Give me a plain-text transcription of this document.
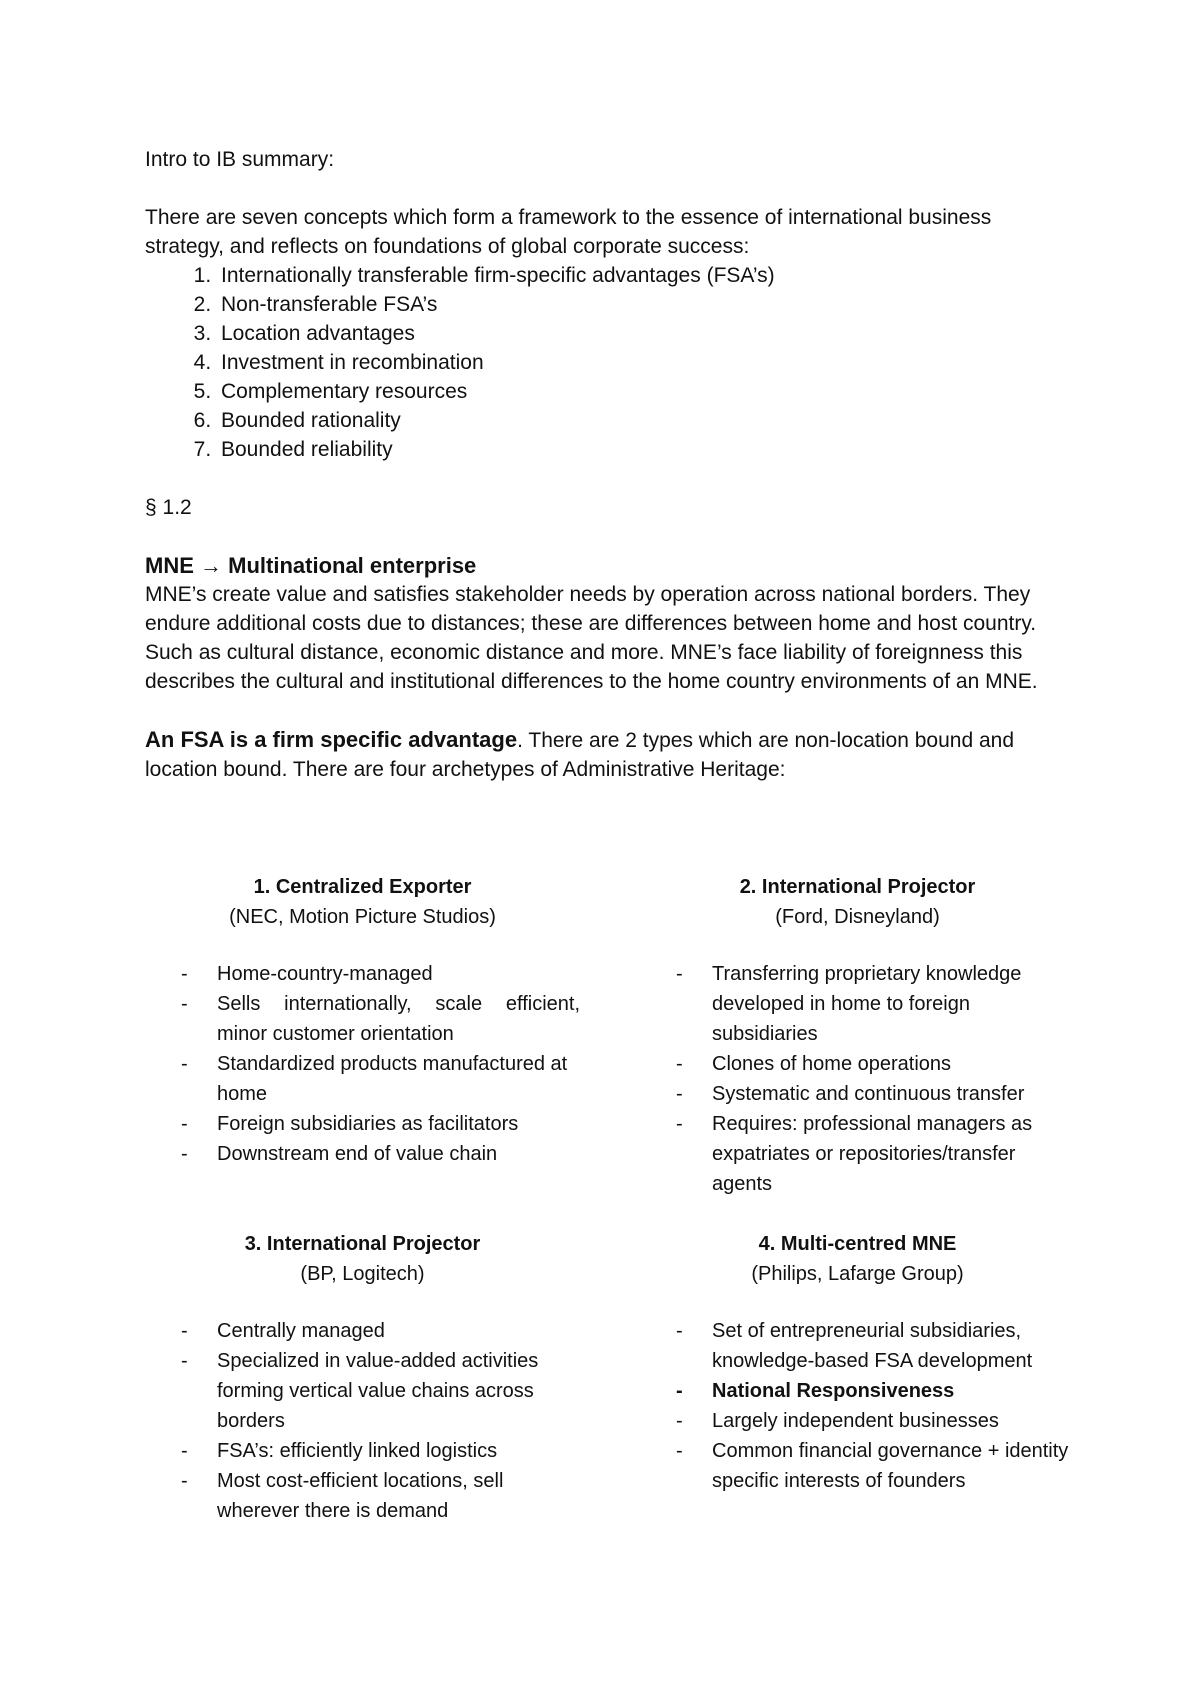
Intro to IB summary:

There are seven concepts which form a framework to the essence of international business strategy, and reflects on foundations of global corporate success:

1. Internationally transferable firm-specific advantages (FSA’s)
2. Non-transferable FSA’s
3. Location advantages
4. Investment in recombination
5. Complementary resources
6. Bounded rationality
7. Bounded reliability

§ 1.2

MNE → Multinational enterprise

MNE’s create value and satisfies stakeholder needs by operation across national borders. They endure additional costs due to distances; these are differences between home and host country. Such as cultural distance, economic distance and more. MNE’s face liability of foreignness this describes the cultural and institutional differences to the home country environments of an MNE.

An FSA is a firm specific advantage. There are 2 types which are non-location bound and location bound. There are four archetypes of Administrative Heritage:

1. Centralized Exporter
(NEC, Motion Picture Studios)
- Home-country-managed
- Sells internationally, scale efficient, minor customer orientation
- Standardized products manufactured at home
- Foreign subsidiaries as facilitators
- Downstream end of value chain
2. International Projector
(Ford, Disneyland)
- Transferring proprietary knowledge developed in home to foreign subsidiaries
- Clones of home operations
- Systematic and continuous transfer
- Requires: professional managers as expatriates or repositories/transfer agents
3. International Projector
(BP, Logitech)
- Centrally managed
- Specialized in value-added activities forming vertical value chains across borders
- FSA’s: efficiently linked logistics
- Most cost-efficient locations, sell wherever there is demand
4. Multi-centred MNE
(Philips, Lafarge Group)
- Set of entrepreneurial subsidiaries, knowledge-based FSA development
- National Responsiveness
- Largely independent businesses
- Common financial governance + identity specific interests of founders
